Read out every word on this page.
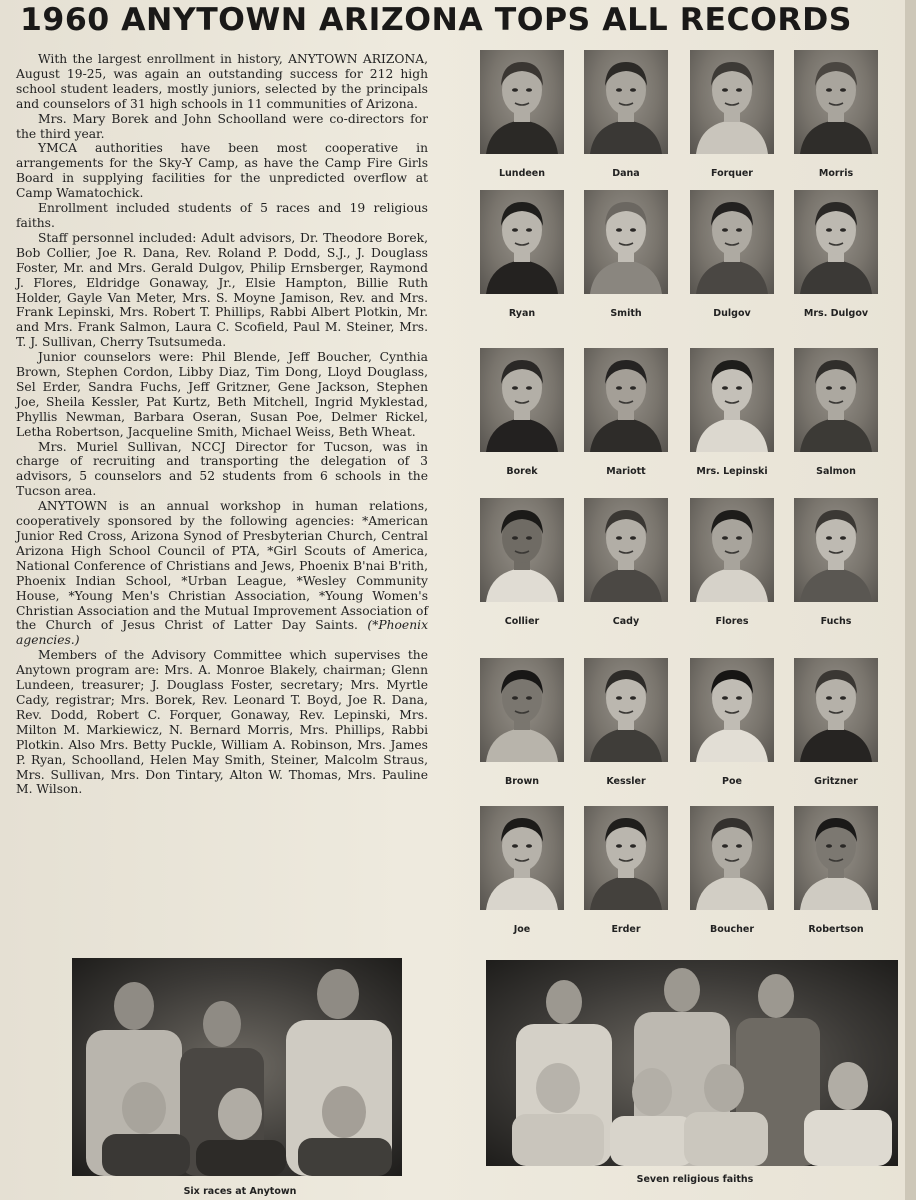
1960 ANYTOWN ARIZONA TOPS ALL RECORDS

With the largest enrollment in history, ANYTOWN ARIZONA, August 19-25, was again an outstanding success for 212 high school student leaders, mostly juniors, selected by the principals and counselors of 31 high schools in 11 communities of Arizona.

Mrs. Mary Borek and John Schoolland were co-directors for the third year.

YMCA authorities have been most cooperative in arrangements for the Sky-Y Camp, as have the Camp Fire Girls Board in supplying facilities for the unpredicted overflow at Camp Wamatochick.

Enrollment included students of 5 races and 19 religious faiths.

Staff personnel included: Adult advisors, Dr. Theodore Borek, Bob Collier, Joe R. Dana, Rev. Roland P. Dodd, S.J., J. Douglass Foster, Mr. and Mrs. Gerald Dulgov, Philip Ernsberger, Raymond J. Flores, Eldridge Gonaway, Jr., Elsie Hampton, Billie Ruth Holder, Gayle Van Meter, Mrs. S. Moyne Jamison, Rev. and Mrs. Frank Lepinski, Mrs. Robert T. Phillips, Rabbi Albert Plotkin, Mr. and Mrs. Frank Salmon, Laura C. Scofield, Paul M. Steiner, Mrs. T. J. Sullivan, Cherry Tsutsumeda.

Junior counselors were: Phil Blende, Jeff Boucher, Cynthia Brown, Stephen Cordon, Libby Diaz, Tim Dong, Lloyd Douglass, Sel Erder, Sandra Fuchs, Jeff Gritzner, Gene Jackson, Stephen Joe, Sheila Kessler, Pat Kurtz, Beth Mitchell, Ingrid Myklestad, Phyllis Newman, Barbara Oseran, Susan Poe, Delmer Rickel, Letha Robertson, Jacqueline Smith, Michael Weiss, Beth Wheat.

Mrs. Muriel Sullivan, NCCJ Director for Tucson, was in charge of recruiting and transporting the delegation of 3 advisors, 5 counselors and 52 students from 6 schools in the Tucson area.

ANYTOWN is an annual workshop in human relations, cooperatively sponsored by the following agencies: *American Junior Red Cross, Arizona Synod of Presbyterian Church, Central Arizona High School Council of PTA, *Girl Scouts of America, National Conference of Christians and Jews, Phoenix B'nai B'rith, Phoenix Indian School, *Urban League, *Wesley Community House, *Young Men's Christian Association, *Young Women's Christian Association and the Mutual Improvement Association of the Church of Jesus Christ of Latter Day Saints. (*Phoenix agencies.)

Members of the Advisory Committee which supervises the Anytown program are: Mrs. A. Monroe Blakely, chairman; Glenn Lundeen, treasurer; J. Douglass Foster, secretary; Mrs. Myrtle Cady, registrar; Mrs. Borek, Rev. Leonard T. Boyd, Joe R. Dana, Rev. Dodd, Robert C. Forquer, Gonaway, Rev. Lepinski, Mrs. Milton M. Markiewicz, N. Bernard Morris, Mrs. Phillips, Rabbi Plotkin. Also Mrs. Betty Puckle, William A. Robinson, Mrs. James P. Ryan, Schoolland, Helen May Smith, Steiner, Malcolm Straus, Mrs. Sullivan, Mrs. Don Tintary, Alton W. Thomas, Mrs. Pauline M. Wilson.

Lundeen	Dana	Forquer	Morris
Ryan	Smith	Dulgov	Mrs. Dulgov
Borek	Mariott	Mrs. Lepinski	Salmon
Collier	Cady	Flores	Fuchs
Brown	Kessler	Poe	Gritzner
Joe	Erder	Boucher	Robertson
Six races at Anytown
Seven religious faiths
